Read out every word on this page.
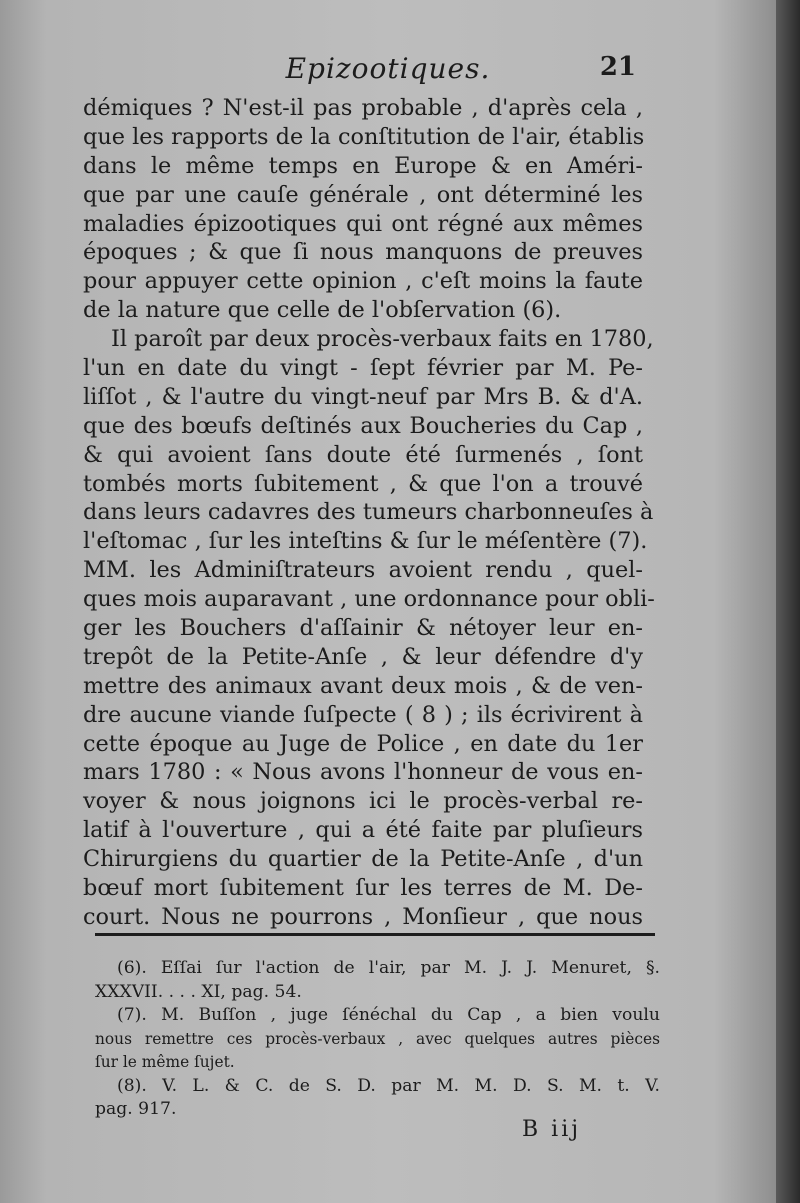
Epizootiques.	21
démiques ? N'est-il pas probable , d'après cela ,
que les rapports de la conſtitution de l'air, établis
dans le même temps en Europe & en Améri-
que par une cauſe générale , ont déterminé les
maladies épizootiques qui ont régné aux mêmes
époques ; & que ſi nous manquons de preuves
pour appuyer cette opinion , c'eſt moins la faute
de la nature que celle de l'obſervation (6).
Il paroît par deux procès-verbaux faits en 1780,
l'un en date du vingt - ſept février par M. Pe-
liſſot , & l'autre du vingt-neuf par Mrs B. & d'A.
que des bœufs deſtinés aux Boucheries du Cap ,
& qui avoient ſans doute été ſurmenés , ſont
tombés morts ſubitement , & que l'on a trouvé
dans leurs cadavres des tumeurs charbonneuſes à
l'eſtomac , ſur les inteſtins & ſur le méſentère (7).
MM. les Adminiſtrateurs avoient rendu , quel-
ques mois auparavant , une ordonnance pour obli-
ger les Bouchers d'aſſainir & nétoyer leur en-
trepôt de la Petite-Anſe , & leur défendre d'y
mettre des animaux avant deux mois , & de ven-
dre aucune viande ſuſpecte ( 8 ) ; ils écrivirent à
cette époque au Juge de Police , en date du 1er
mars 1780 : « Nous avons l'honneur de vous en-
voyer & nous joignons ici le procès-verbal re-
latif à l'ouverture , qui a été faite par pluſieurs
Chirurgiens du quartier de la Petite-Anſe , d'un
bœuf mort ſubitement ſur les terres de M. De-
court. Nous ne pourrons , Monſieur , que nous
(6). Eſſai ſur l'action de l'air, par M. J. J. Menuret, §.
XXXVII. . . . XI, pag. 54.
(7). M. Buſſon , juge ſénéchal du Cap , a bien voulu
nous remettre ces procès-verbaux , avec quelques autres pièces
ſur le même ſujet.
(8). V. L. & C. de S. D. par M. M. D. S. M. t. V.
pag. 917.
B iij
